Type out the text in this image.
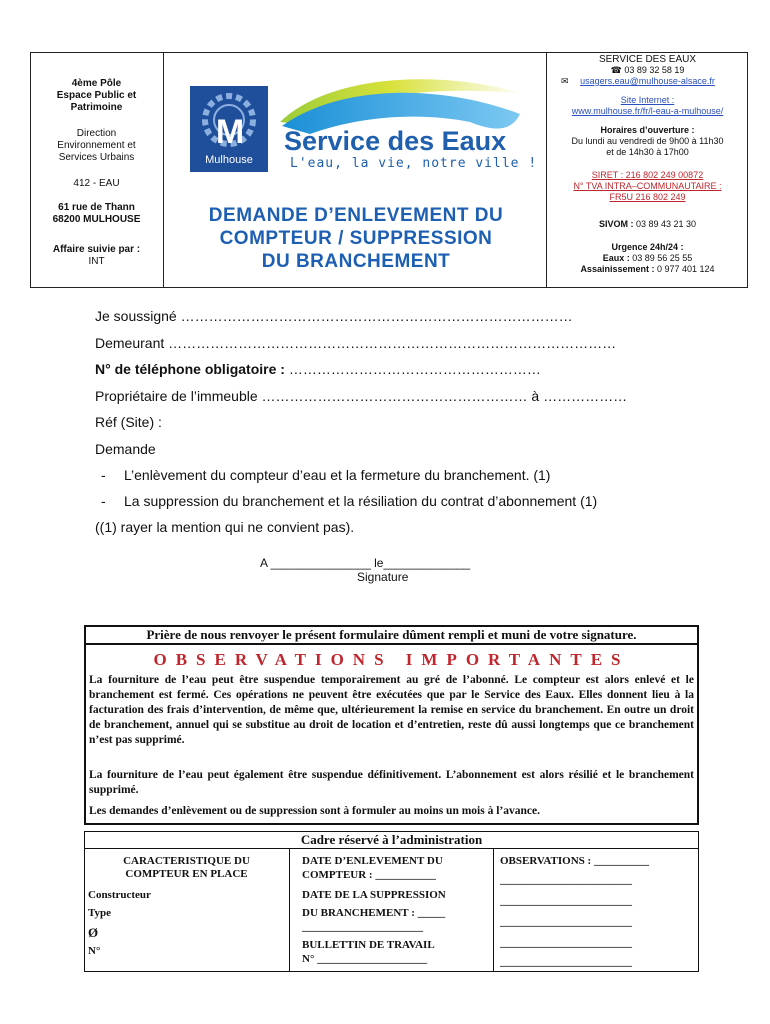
4ème Pôle
Espace Public et
Patrimoine
Direction
Environnement et
Services Urbains
412 - EAU
61 rue de Thann
68200 MULHOUSE
Affaire suivie par :
INT
M
Mulhouse
Service des Eaux
L'eau, la vie, notre ville !
DEMANDE D’ENLEVEMENT DU
COMPTEUR / SUPPRESSION
DU BRANCHEMENT
SERVICE DES EAUX
☎ 03 89 32 58 19
✉ usagers.eau@mulhouse-alsace.fr
Site Internet :
www.mulhouse.fr/fr/l-eau-a-mulhouse/
Horaires d’ouverture :
Du lundi au vendredi de 9h00 à 11h30
et de 14h30 à 17h00
SIRET : 216 802 249 00872
N° TVA INTRA–COMMUNAUTAIRE :
FR5U 216 802 249
SIVOM : 03 89 43 21 30
Urgence 24h/24 :
Eaux : 03 89 56 25 55
Assainissement : 0 977 401 124
Je soussigné …………………………………………………………………………
Demeurant ……………………………………………………………………………………
N° de téléphone obligatoire : ………………………………………………
Propriétaire de l’immeuble ………………………………………………… à ………………
Réf (Site) :
Demande
- L’enlèvement du compteur d’eau et la fermeture du branchement. (1)
- La suppression du branchement et la résiliation du contrat d’abonnement (1)
((1) rayer la mention qui ne convient pas).
A _______________ le_____________
Signature
Prière de nous renvoyer le présent formulaire dûment rempli et muni de votre signature.
OBSERVATIONS IMPORTANTES
La fourniture de l’eau peut être suspendue temporairement au gré de l’abonné. Le compteur est alors enlevé et le branchement est fermé. Ces opérations ne peuvent être exécutées que par le Service des Eaux. Elles donnent lieu à la facturation des frais d’intervention, de même que, ultérieurement la remise en service du branchement. En outre un droit de branchement, annuel qui se substitue au droit de location et d’entretien, reste dû aussi longtemps que ce branchement n’est pas supprimé.
La fourniture de l’eau peut également être suspendue définitivement. L’abonnement est alors résilié et le branchement supprimé.
Les demandes d’enlèvement ou de suppression sont à formuler au moins un mois à l’avance.
Cadre réservé à l’administration
CARACTERISTIQUE DU
COMPTEUR EN PLACE
Constructeur
Type
Ø
N°
DATE D’ENLEVEMENT DU
COMPTEUR : ___________
DATE DE LA SUPPRESSION
DU BRANCHEMENT : _____
______________________
BULLETTIN DE TRAVAIL
N° ____________________
OBSERVATIONS : __________
________________________
________________________
________________________
________________________
________________________
